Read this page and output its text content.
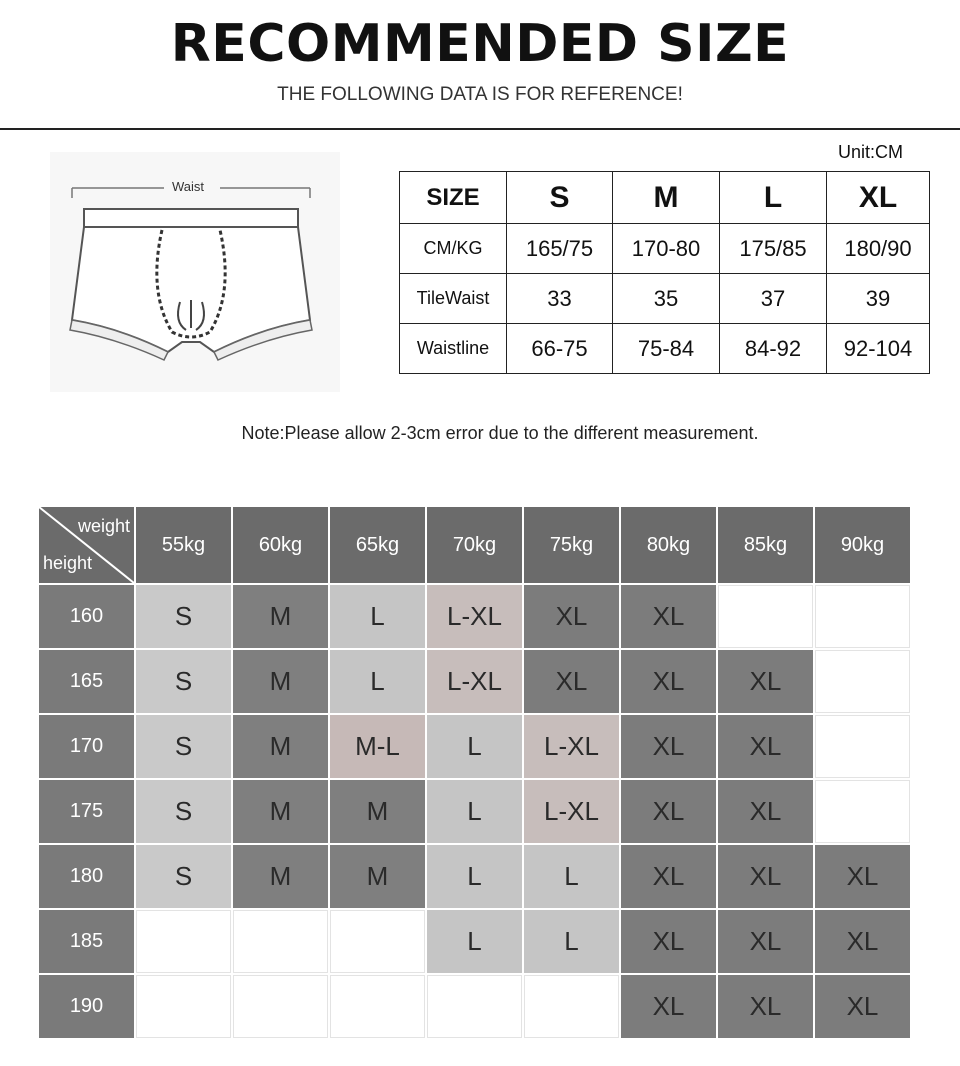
RECOMMENDED SIZE
THE FOLLOWING DATA IS FOR REFERENCE!
Waist
Unit:CM
SIZE	S	M	L	XL
CM/KG	165/75	170-80	175/85	180/90
TileWaist	33	35	37	39
Waistline	66-75	75-84	84-92	92-104
Note:Please allow 2-3cm error due to the different measurement.
weight
height	55kg	60kg	65kg	70kg	75kg	80kg	85kg	90kg
160	S	M	L	L-XL	XL	XL		
165	S	M	L	L-XL	XL	XL	XL	
170	S	M	M-L	L	L-XL	XL	XL	
175	S	M	M	L	L-XL	XL	XL	
180	S	M	M	L	L	XL	XL	XL
185				L	L	XL	XL	XL
190						XL	XL	XL
